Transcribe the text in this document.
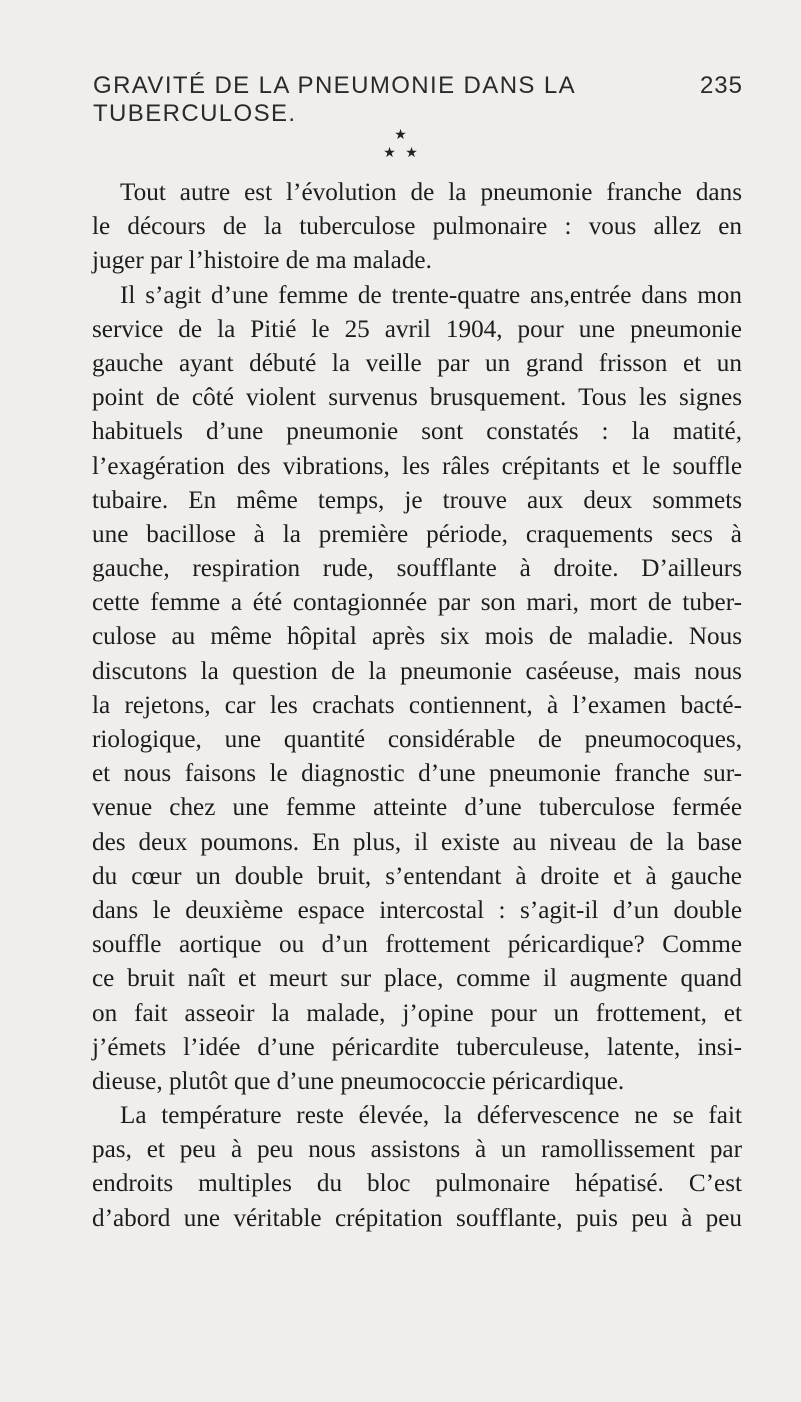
GRAVITÉ DE LA PNEUMONIE DANS LA TUBERCULOSE.
235
★
★ ★
Tout autre est l’évolution de la pneumonie franche dans
le décours de la tuberculose pulmonaire : vous allez en
juger par l’histoire de ma malade.
Il s’agit d’une femme de trente-quatre ans,entrée dans mon
service de la Pitié le 25 avril 1904, pour une pneumonie
gauche ayant débuté la veille par un grand frisson et un
point de côté violent survenus brusquement. Tous les signes
habituels d’une pneumonie sont constatés : la matité,
l’exagération des vibrations, les râles crépitants et le souffle
tubaire. En même temps, je trouve aux deux sommets
une bacillose à la première période, craquements secs à
gauche, respiration rude, soufflante à droite. D’ailleurs
cette femme a été contagionnée par son mari, mort de tuber-
culose au même hôpital après six mois de maladie. Nous
discutons la question de la pneumonie caséeuse, mais nous
la rejetons, car les crachats contiennent, à l’examen bacté-
riologique, une quantité considérable de pneumocoques,
et nous faisons le diagnostic d’une pneumonie franche sur-
venue chez une femme atteinte d’une tuberculose fermée
des deux poumons. En plus, il existe au niveau de la base
du cœur un double bruit, s’entendant à droite et à gauche
dans le deuxième espace intercostal : s’agit-il d’un double
souffle aortique ou d’un frottement péricardique? Comme
ce bruit naît et meurt sur place, comme il augmente quand
on fait asseoir la malade, j’opine pour un frottement, et
j’émets l’idée d’une péricardite tuberculeuse, latente, insi-
dieuse, plutôt que d’une pneumococcie péricardique.
La température reste élevée, la défervescence ne se fait
pas, et peu à peu nous assistons à un ramollissement par
endroits multiples du bloc pulmonaire hépatisé. C’est
d’abord une véritable crépitation soufflante, puis peu à peu
